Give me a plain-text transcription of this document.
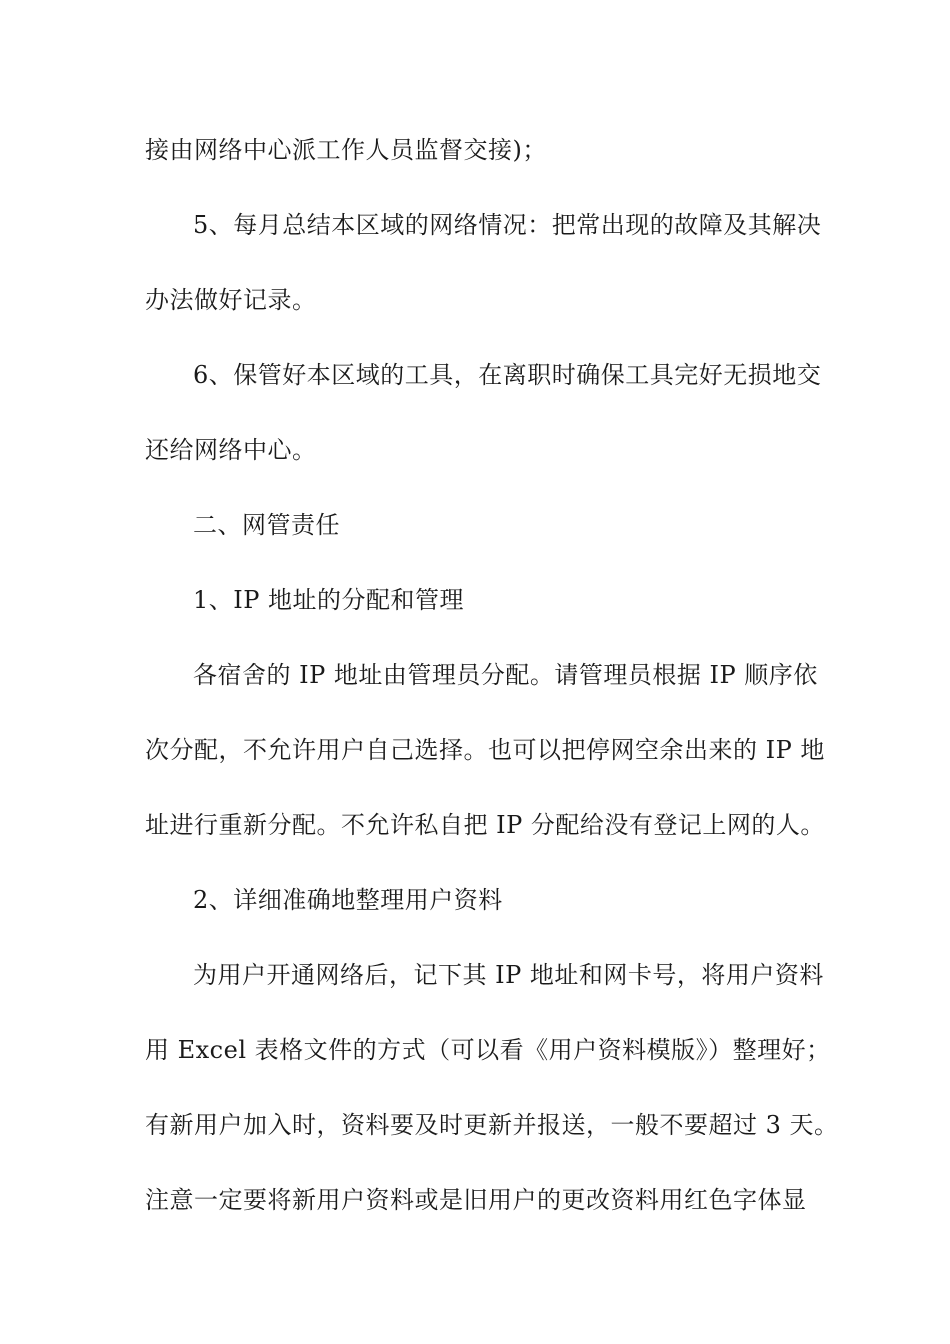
接由网络中心派工作人员监督交接)；
5、每月总结本区域的网络情况：把常出现的故障及其解决
办法做好记录。
6、保管好本区域的工具，在离职时确保工具完好无损地交
还给网络中心。
二、网管责任
1、IP 地址的分配和管理
各宿舍的 IP 地址由管理员分配。请管理员根据 IP 顺序依
次分配，不允许用户自己选择。也可以把停网空余出来的 IP 地
址进行重新分配。不允许私自把 IP 分配给没有登记上网的人。
2、详细准确地整理用户资料
为用户开通网络后，记下其 IP 地址和网卡号，将用户资料
用 Excel 表格文件的方式（可以看《用户资料模版》）整理好；
有新用户加入时，资料要及时更新并报送，一般不要超过 3 天。
注意一定要将新用户资料或是旧用户的更改资料用红色字体显
